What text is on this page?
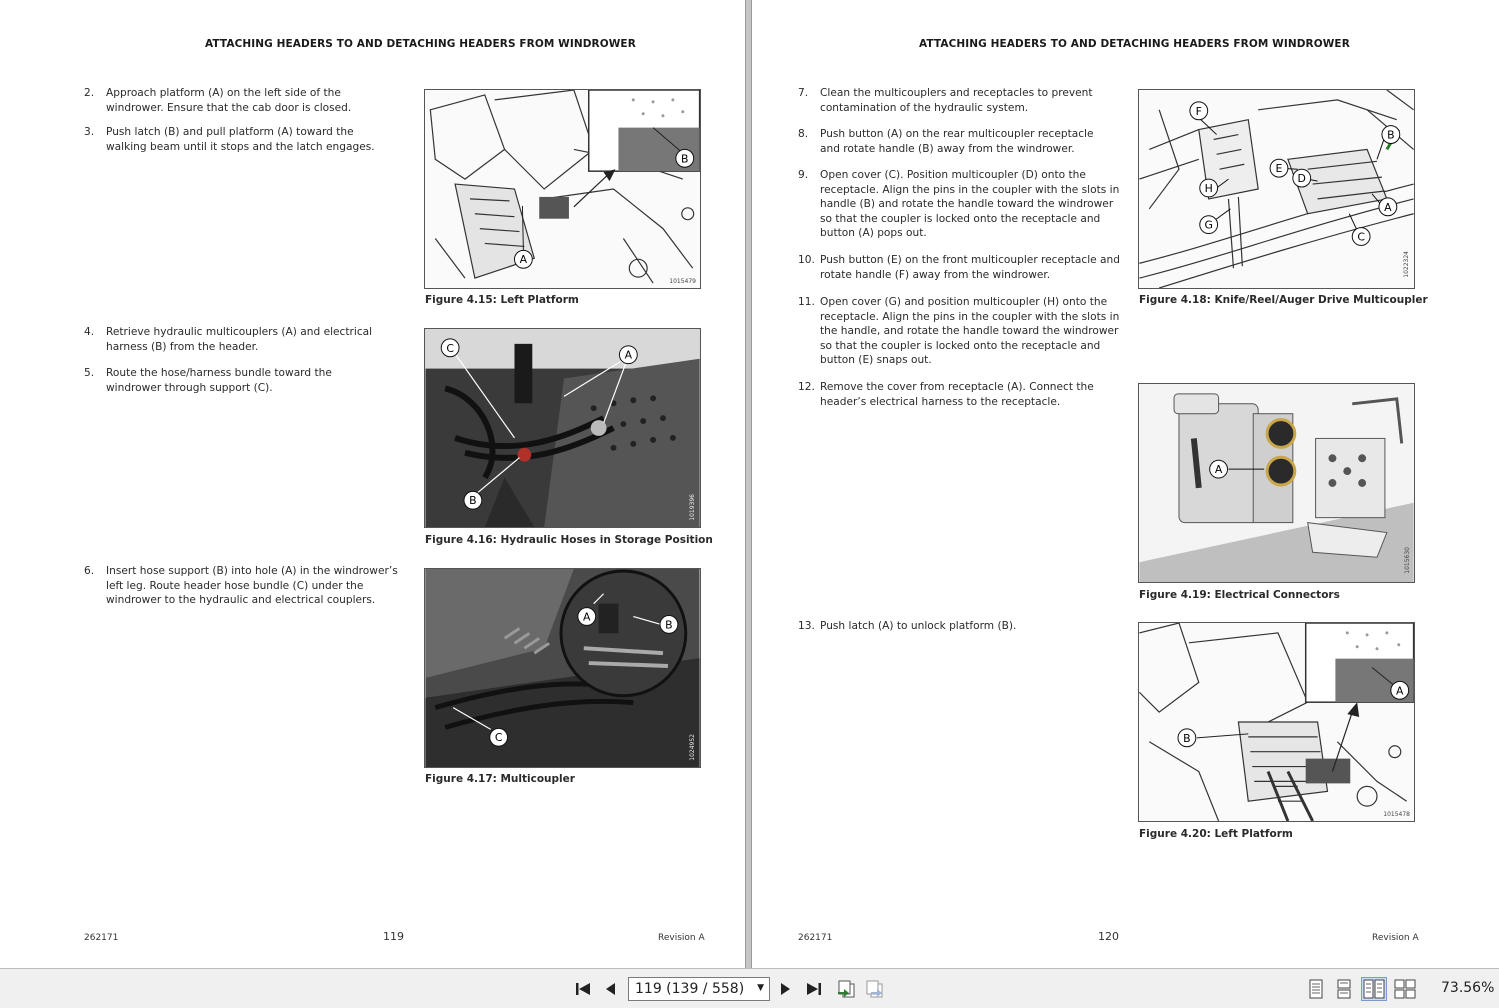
ATTACHING HEADERS TO AND DETACHING HEADERS FROM WINDROWER
2. Approach platform (A) on the left side of the windrower. Ensure that the cab door is closed.
3. Push latch (B) and pull platform (A) toward the walking beam until it stops and the latch engages.
4. Retrieve hydraulic multicouplers (A) and electrical harness (B) from the header.
5. Route the hose/harness bundle toward the windrower through support (C).
6. Insert hose support (B) into hole (A) in the windrower’s left leg. Route header hose bundle (C) under the windrower to the hydraulic and electrical couplers.
A
B
1015479
Figure 4.15: Left Platform
C
A
B	1019396
Figure 4.16: Hydraulic Hoses in Storage Position
A
B
C	1024952
Figure 4.17: Multicoupler
262171	119	Revision A
ATTACHING HEADERS TO AND DETACHING HEADERS FROM WINDROWER
7. Clean the multicouplers and receptacles to prevent contamination of the hydraulic system.
8. Push button (A) on the rear multicoupler receptacle and rotate handle (B) away from the windrower.
9. Open cover (C). Position multicoupler (D) onto the receptacle. Align the pins in the coupler with the slots in handle (B) and rotate the handle toward the windrower so that the coupler is locked onto the receptacle and button (A) pops out.
10. Push button (E) on the front multicoupler receptacle and rotate handle (F) away from the windrower.
11. Open cover (G) and position multicoupler (H) onto the receptacle. Align the pins in the coupler with the slots in the handle, and rotate the handle toward the windrower so that the coupler is locked onto the receptacle and button (E) snaps out.
12. Remove the cover from receptacle (A). Connect the header’s electrical harness to the receptacle.
13. Push latch (A) to unlock platform (B).
F
B
E
D
H
G
A
C
1022324
Figure 4.18: Knife/Reel/Auger Drive Multicoupler
A
1015630
Figure 4.19: Electrical Connectors
A
B
1015478
Figure 4.20: Left Platform
262171	120	Revision A
119 (139 / 558) ▼	73.56%
